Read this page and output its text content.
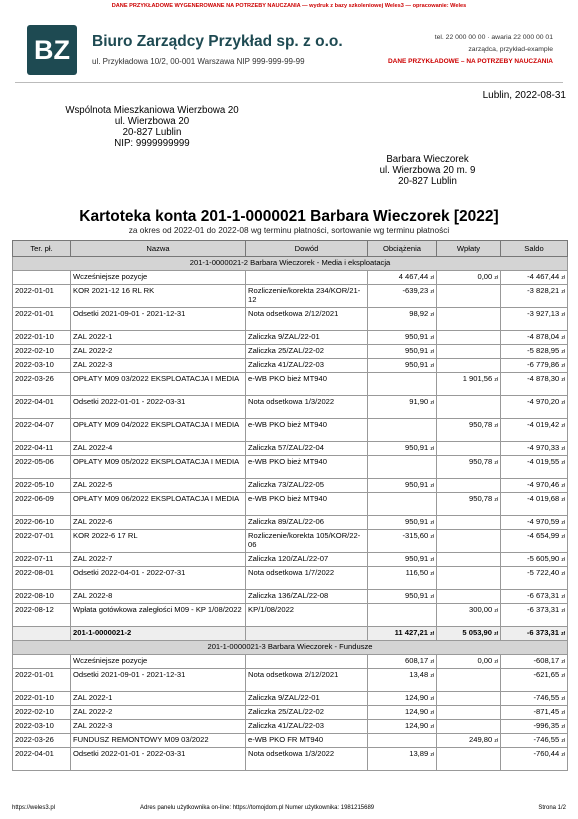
DANE PRZYKŁADOWE WYGENEROWANE NA POTRZEBY NAUCZANIA — wydruk z bazy szkoleniowej Weles3 — opracowanie: Weles
BZ	Biuro Zarządcy Przykład sp. z o.o.
ul. Przykładowa 10/2, 00-001 Warszawa NIP 999-999-99-99
tel. 22 000 00 00 · awaria 22 000 00 01
zarządca, przykład-example
DANE PRZYKŁADOWE – NA POTRZEBY NAUCZANIA
Lublin, 2022-08-31
Wspólnota Mieszkaniowa Wierzbowa 20
ul. Wierzbowa 20
20-827 Lublin
NIP: 9999999999
Barbara Wieczorek
ul. Wierzbowa 20 m. 9
20-827 Lublin
Kartoteka konta 201-1-0000021 Barbara Wieczorek [2022]
za okres od 2022-01 do 2022-08 wg terminu płatności, sortowanie wg terminu płatności
Ter. pł.	Nazwa	Dowód	Obciążenia	Wpłaty	Saldo
201-1-0000021-2 Barbara Wieczorek - Media i eksploatacja					
	Wcześniejsze pozycje		4 467,44 zł	0,00 zł	-4 467,44 zł
2022-01-01	KOR 2021-12 16 RL RK	Rozliczenie/korekta 234/KOR/21-12	-639,23 zł		-3 828,21 zł
2022-01-01	Odsetki 2021-09-01 - 2021-12-31	Nota odsetkowa 2/12/2021	98,92 zł		-3 927,13 zł
2022-01-10	ZAL 2022-1	Zaliczka 9/ZAL/22-01	950,91 zł		-4 878,04 zł
2022-02-10	ZAL 2022-2	Zaliczka 25/ZAL/22-02	950,91 zł		-5 828,95 zł
2022-03-10	ZAL 2022-3	Zaliczka 41/ZAL/22-03	950,91 zł		-6 779,86 zł
2022-03-26	OPŁATY M09 03/2022 EKSPLOATACJA I MEDIA	e-WB PKO bież MT940		1 901,56 zł	-4 878,30 zł
2022-04-01	Odsetki 2022-01-01 - 2022-03-31	Nota odsetkowa 1/3/2022	91,90 zł		-4 970,20 zł
2022-04-07	OPŁATY M09 04/2022 EKSPLOATACJA I MEDIA	e-WB PKO bież MT940		950,78 zł	-4 019,42 zł
2022-04-11	ZAL 2022-4	Zaliczka 57/ZAL/22-04	950,91 zł		-4 970,33 zł
2022-05-06	OPŁATY M09 05/2022 EKSPLOATACJA I MEDIA	e-WB PKO bież MT940		950,78 zł	-4 019,55 zł
2022-05-10	ZAL 2022-5	Zaliczka 73/ZAL/22-05	950,91 zł		-4 970,46 zł
2022-06-09	OPŁATY M09 06/2022 EKSPLOATACJA I MEDIA	e-WB PKO bież MT940		950,78 zł	-4 019,68 zł
2022-06-10	ZAL 2022-6	Zaliczka 89/ZAL/22-06	950,91 zł		-4 970,59 zł
2022-07-01	KOR 2022-6 17 RL	Rozliczenie/korekta 105/KOR/22-06	-315,60 zł		-4 654,99 zł
2022-07-11	ZAL 2022-7	Zaliczka 120/ZAL/22-07	950,91 zł		-5 605,90 zł
2022-08-01	Odsetki 2022-04-01 - 2022-07-31	Nota odsetkowa 1/7/2022	116,50 zł		-5 722,40 zł
2022-08-10	ZAL 2022-8	Zaliczka 136/ZAL/22-08	950,91 zł		-6 673,31 zł
2022-08-12	Wpłata gotówkowa zaległości M09 - KP 1/08/2022	KP/1/08/2022		300,00 zł	-6 373,31 zł
	201-1-0000021-2		11 427,21 zł	5 053,90 zł	-6 373,31 zł
201-1-0000021-3 Barbara Wieczorek - Fundusze					
	Wcześniejsze pozycje		608,17 zł	0,00 zł	-608,17 zł
2022-01-01	Odsetki 2021-09-01 - 2021-12-31	Nota odsetkowa 2/12/2021	13,48 zł		-621,65 zł
2022-01-10	ZAL 2022-1	Zaliczka 9/ZAL/22-01	124,90 zł		-746,55 zł
2022-02-10	ZAL 2022-2	Zaliczka 25/ZAL/22-02	124,90 zł		-871,45 zł
2022-03-10	ZAL 2022-3	Zaliczka 41/ZAL/22-03	124,90 zł		-996,35 zł
2022-03-26	FUNDUSZ REMONTOWY M09 03/2022	e-WB PKO FR MT940		249,80 zł	-746,55 zł
2022-04-01	Odsetki 2022-01-01 - 2022-03-31	Nota odsetkowa 1/3/2022	13,89 zł		-760,44 zł
https://weles3.pl	Adres panelu użytkownika on-line: https://tomojdom.pl Numer użytkownika: 1981215689	Strona 1/2
